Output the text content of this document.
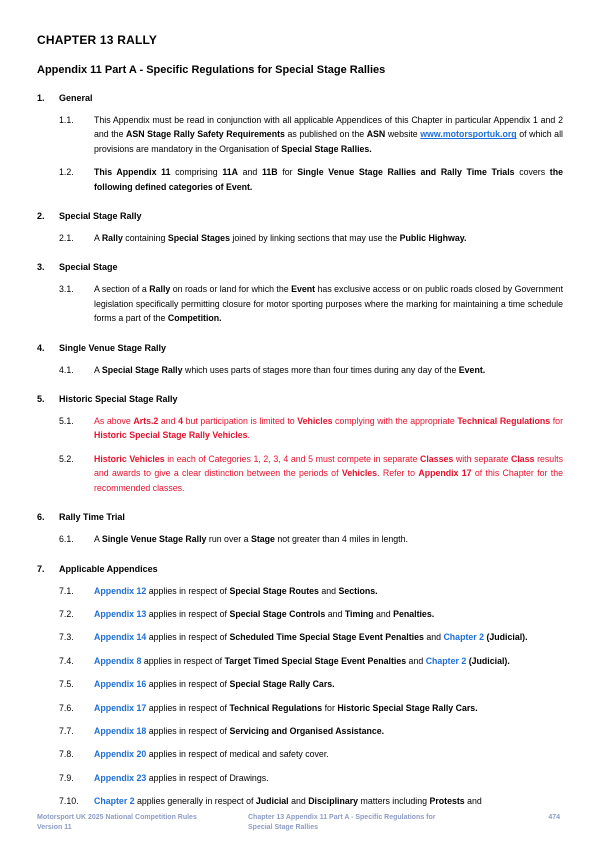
CHAPTER 13 RALLY
Appendix 11 Part A - Specific Regulations for Special Stage Rallies
1.	General
1.1.	This Appendix must be read in conjunction with all applicable Appendices of this Chapter in particular Appendix 1 and 2 and the ASN Stage Rally Safety Requirements as published on the ASN website www.motorsportuk.org of which all provisions are mandatory in the Organisation of Special Stage Rallies.

1.2.	This Appendix 11 comprising 11A and 11B for Single Venue Stage Rallies and Rally Time Trials covers the following defined categories of Event.

2.	Special Stage Rally
2.1.	A Rally containing Special Stages joined by linking sections that may use the Public Highway.

3.	Special Stage
3.1.	A section of a Rally on roads or land for which the Event has exclusive access or on public roads closed by Government legislation specifically permitting closure for motor sporting purposes where the marking for maintaining a time schedule forms a part of the Competition.

4.	Single Venue Stage Rally
4.1.	A Special Stage Rally which uses parts of stages more than four times during any day of the Event.

5.	Historic Special Stage Rally
5.1.	As above Arts.2 and 4 but participation is limited to Vehicles complying with the appropriate Technical Regulations for Historic Special Stage Rally Vehicles.

5.2.	Historic Vehicles in each of Categories 1, 2, 3, 4 and 5 must compete in separate Classes with separate Class results and awards to give a clear distinction between the periods of Vehicles. Refer to Appendix 17 of this Chapter for the recommended classes.

6.	Rally Time Trial
6.1.	A Single Venue Stage Rally run over a Stage not greater than 4 miles in length.

7.	Applicable Appendices
7.1.	Appendix 12 applies in respect of Special Stage Routes and Sections.

7.2.	Appendix 13 applies in respect of Special Stage Controls and Timing and Penalties.

7.3.	Appendix 14 applies in respect of Scheduled Time Special Stage Event Penalties and Chapter 2 (Judicial).

7.4.	Appendix 8 applies in respect of Target Timed Special Stage Event Penalties and Chapter 2 (Judicial).

7.5.	Appendix 16 applies in respect of Special Stage Rally Cars.

7.6.	Appendix 17 applies in respect of Technical Regulations for Historic Special Stage Rally Cars.

7.7.	Appendix 18 applies in respect of Servicing and Organised Assistance.

7.8.	Appendix 20 applies in respect of medical and safety cover.

7.9.	Appendix 23 applies in respect of Drawings.

7.10.	Chapter 2 applies generally in respect of Judicial and Disciplinary matters including Protests and

Motorsport UK 2025 National Competition Rules
Version 11
Chapter 13 Appendix 11 Part A - Specific Regulations for
Special Stage Rallies
474
